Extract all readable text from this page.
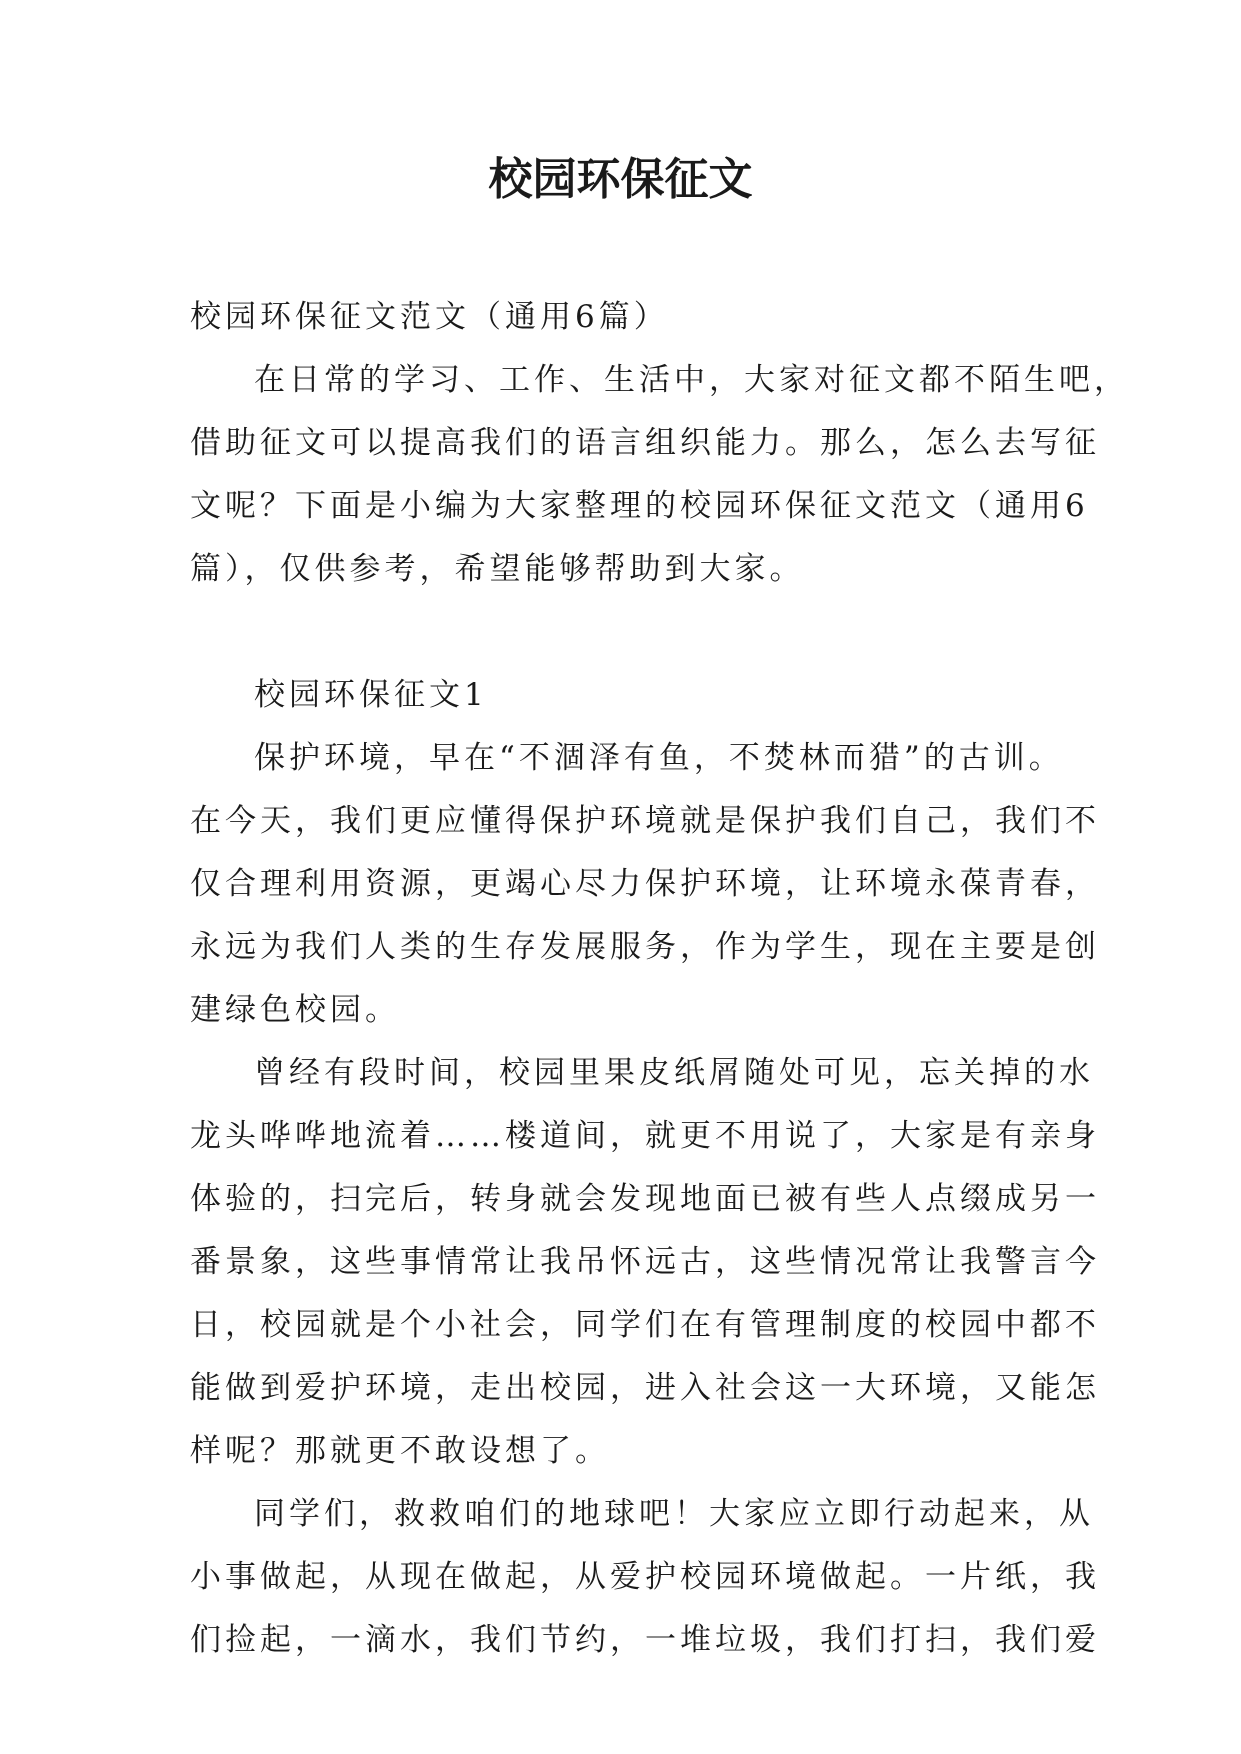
校园环保征文
校园环保征文范文（通用6篇）
在日常的学习、工作、生活中，大家对征文都不陌生吧，
借助征文可以提高我们的语言组织能力。那么，怎么去写征
文呢？下面是小编为大家整理的校园环保征文范文（通用6
篇），仅供参考，希望能够帮助到大家。
校园环保征文1
保护环境，早在“不涸泽有鱼，不焚林而猎”的古训。
在今天，我们更应懂得保护环境就是保护我们自己，我们不
仅合理利用资源，更竭心尽力保护环境，让环境永葆青春，
永远为我们人类的生存发展服务，作为学生，现在主要是创
建绿色校园。
曾经有段时间，校园里果皮纸屑随处可见，忘关掉的水
龙头哗哗地流着……楼道间，就更不用说了，大家是有亲身
体验的，扫完后，转身就会发现地面已被有些人点缀成另一
番景象，这些事情常让我吊怀远古，这些情况常让我警言今
日，校园就是个小社会，同学们在有管理制度的校园中都不
能做到爱护环境，走出校园，进入社会这一大环境，又能怎
样呢？那就更不敢设想了。
同学们，救救咱们的地球吧！大家应立即行动起来，从
小事做起，从现在做起，从爱护校园环境做起。一片纸，我
们捡起，一滴水，我们节约，一堆垃圾，我们打扫，我们爱
